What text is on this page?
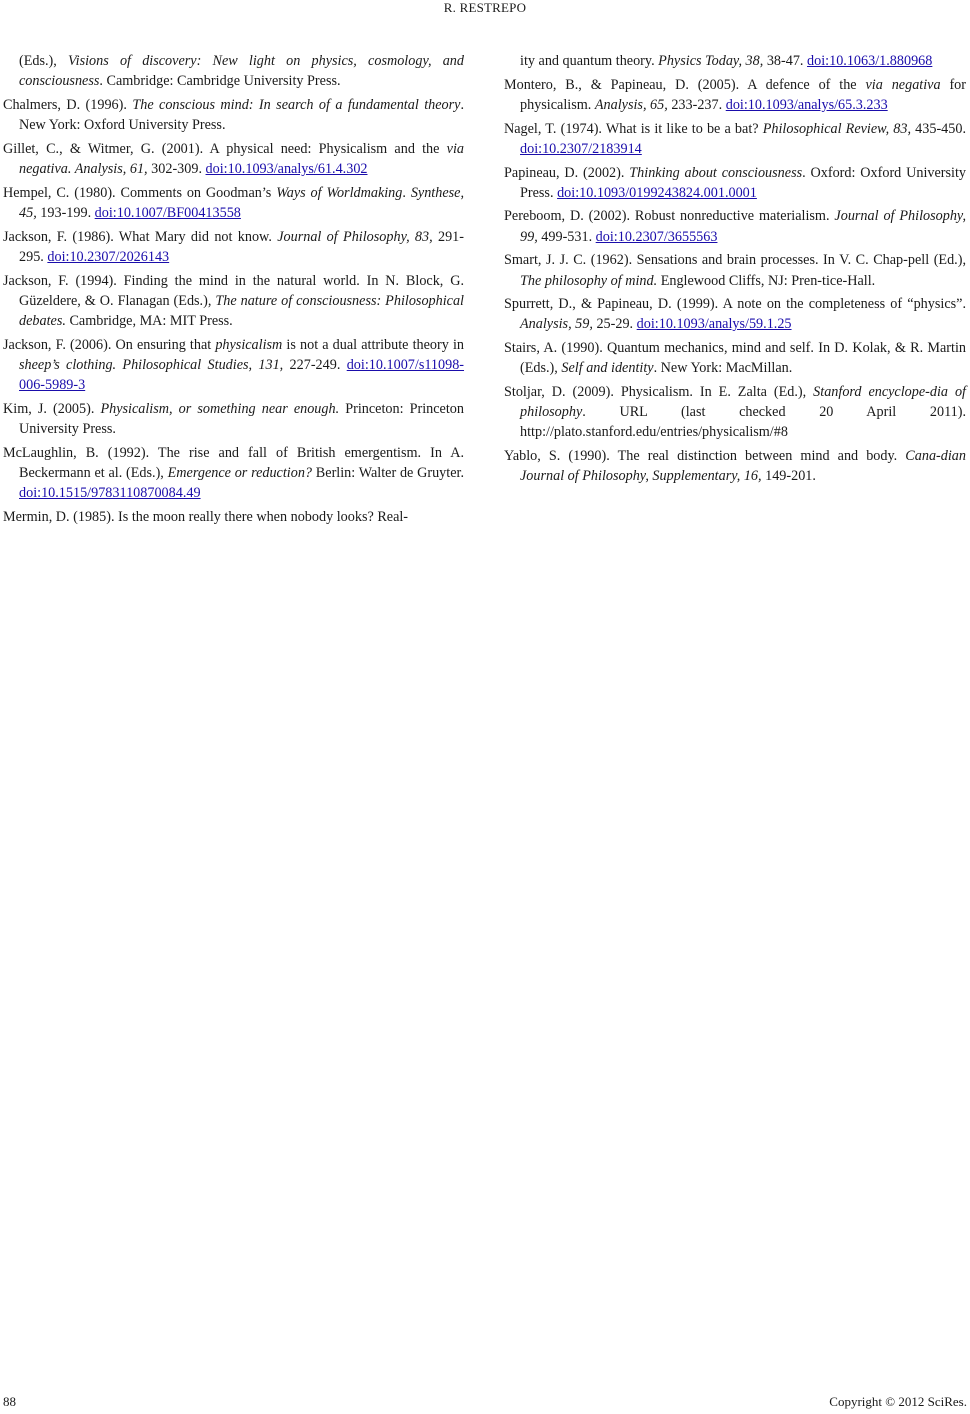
R. RESTREPO

(Eds.), Visions of discovery: New light on physics, cosmology, and consciousness. Cambridge: Cambridge University Press.

Chalmers, D. (1996). The conscious mind: In search of a fundamental theory. New York: Oxford University Press.

Gillet, C., & Witmer, G. (2001). A physical need: Physicalism and the via negativa. Analysis, 61, 302-309. doi:10.1093/analys/61.4.302

Hempel, C. (1980). Comments on Goodman’s Ways of Worldmaking. Synthese, 45, 193-199. doi:10.1007/BF00413558

Jackson, F. (1986). What Mary did not know. Journal of Philosophy, 83, 291-295. doi:10.2307/2026143

Jackson, F. (1994). Finding the mind in the natural world. In N. Block, G. Güzeldere, & O. Flanagan (Eds.), The nature of consciousness: Philosophical debates. Cambridge, MA: MIT Press.

Jackson, F. (2006). On ensuring that physicalism is not a dual attribute theory in sheep’s clothing. Philosophical Studies, 131, 227-249. doi:10.1007/s11098-006-5989-3

Kim, J. (2005). Physicalism, or something near enough. Princeton: Princeton University Press.

McLaughlin, B. (1992). The rise and fall of British emergentism. In A. Beckermann et al. (Eds.), Emergence or reduction? Berlin: Walter de Gruyter. doi:10.1515/9783110870084.49

Mermin, D. (1985). Is the moon really there when nobody looks? Real-

ity and quantum theory. Physics Today, 38, 38-47. doi:10.1063/1.880968

Montero, B., & Papineau, D. (2005). A defence of the via negativa for physicalism. Analysis, 65, 233-237. doi:10.1093/analys/65.3.233

Nagel, T. (1974). What is it like to be a bat? Philosophical Review, 83, 435-450. doi:10.2307/2183914

Papineau, D. (2002). Thinking about consciousness. Oxford: Oxford University Press. doi:10.1093/0199243824.001.0001

Pereboom, D. (2002). Robust nonreductive materialism. Journal of Philosophy, 99, 499-531. doi:10.2307/3655563

Smart, J. J. C. (1962). Sensations and brain processes. In V. C. Chap-pell (Ed.), The philosophy of mind. Englewood Cliffs, NJ: Pren-tice-Hall.

Spurrett, D., & Papineau, D. (1999). A note on the completeness of “physics”. Analysis, 59, 25-29. doi:10.1093/analys/59.1.25

Stairs, A. (1990). Quantum mechanics, mind and self. In D. Kolak, & R. Martin (Eds.), Self and identity. New York: MacMillan.

Stoljar, D. (2009). Physicalism. In E. Zalta (Ed.), Stanford encyclope-dia of philosophy. URL (last checked 20 April 2011). http://plato.stanford.edu/entries/physicalism/#8

Yablo, S. (1990). The real distinction between mind and body. Cana-dian Journal of Philosophy, Supplementary, 16, 149-201.

88	Copyright © 2012 SciRes.
